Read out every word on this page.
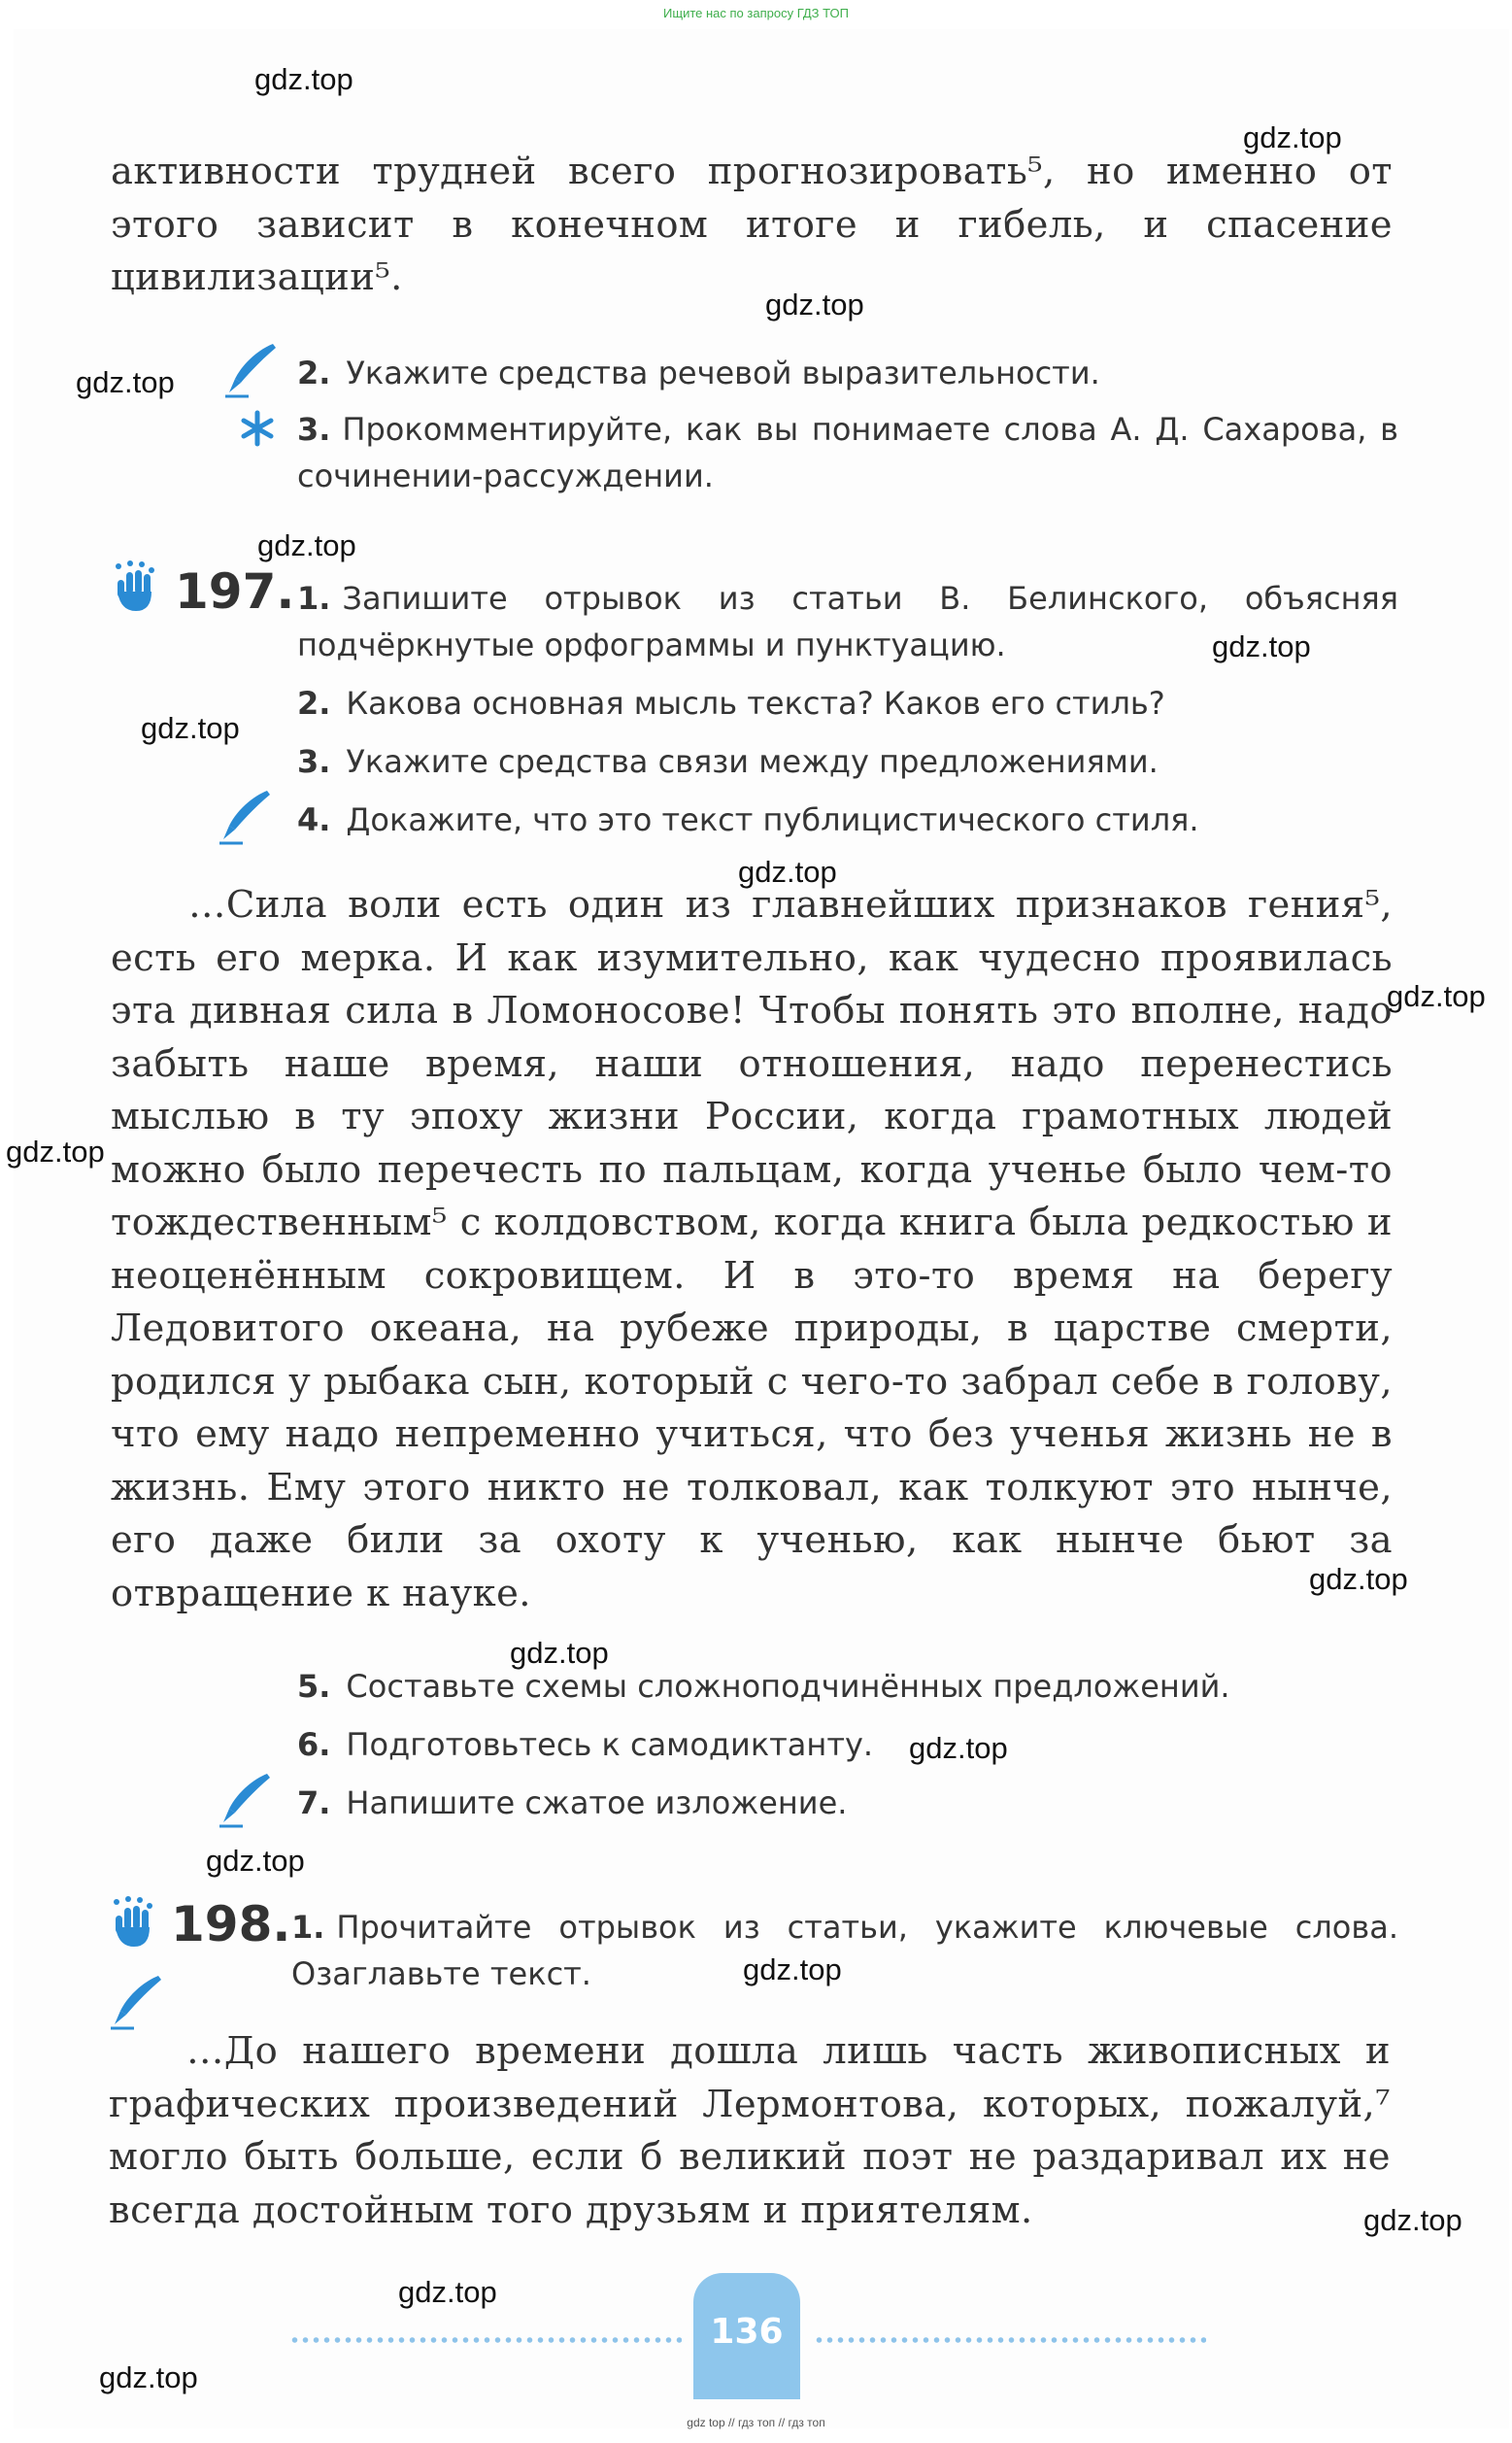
Ищите нас по запросу ГДЗ ТОП

активности трудней всего прогнозировать⁵, но именно от этого зависит в конечном итоге и гибель, и спасение цивилизации⁵.

2. Укажите средства речевой выразительности.
3. Прокомментируйте, как вы понимаете слова А. Д. Сахарова, в сочинении-рассуждении.
197. 1. Запишите отрывок из статьи В. Белинского, объясняя подчёркнутые орфограммы и пунктуацию.
2. Какова основная мысль текста? Каков его стиль?
3. Укажите средства связи между предложениями.
4. Докажите, что это текст публицистического стиля.

…Сила воли есть один из главнейших признаков гения⁵, есть его мерка. И как изумительно, как чудесно проявилась эта дивная сила в Ломоносове! Чтобы понять это вполне, надо забыть наше время, наши отношения, надо перенестись мыслью в ту эпоху жизни России, когда грамотных людей можно было перечесть по пальцам, когда ученье было чем-то тождественным⁵ с колдовством, когда книга была редкостью и неоценённым сокровищем. И в это-то время на берегу Ледовитого океана, на рубеже природы, в царстве смерти, родился у рыбака сын, который с чего-то забрал себе в голову, что ему надо непременно учиться, что без ученья жизнь не в жизнь. Ему этого никто не толковал, как толкуют это нынче, его даже били за охоту к ученью, как нынче бьют за отвращение к науке.

5. Составьте схемы сложноподчинённых предложений.
6. Подготовьтесь к самодиктанту.
7. Напишите сжатое изложение.
198. 1. Прочитайте отрывок из статьи, укажите ключевые слова. Озаглавьте текст.

…До нашего времени дошла лишь часть живописных и графических произведений Лермонтова, которых, пожалуй,⁷ могло быть больше, если б великий поэт не раздаривал их не всегда достойным того друзьям и приятелям.

136
gdz top // гдз топ // гдз топ
gdz.top
gdz.top
gdz.top
gdz.top
gdz.top
gdz.top
gdz.top
gdz.top
gdz.top
gdz.top
gdz.top
gdz.top
gdz.top
gdz.top
gdz.top
gdz.top
gdz.top
gdz.top
